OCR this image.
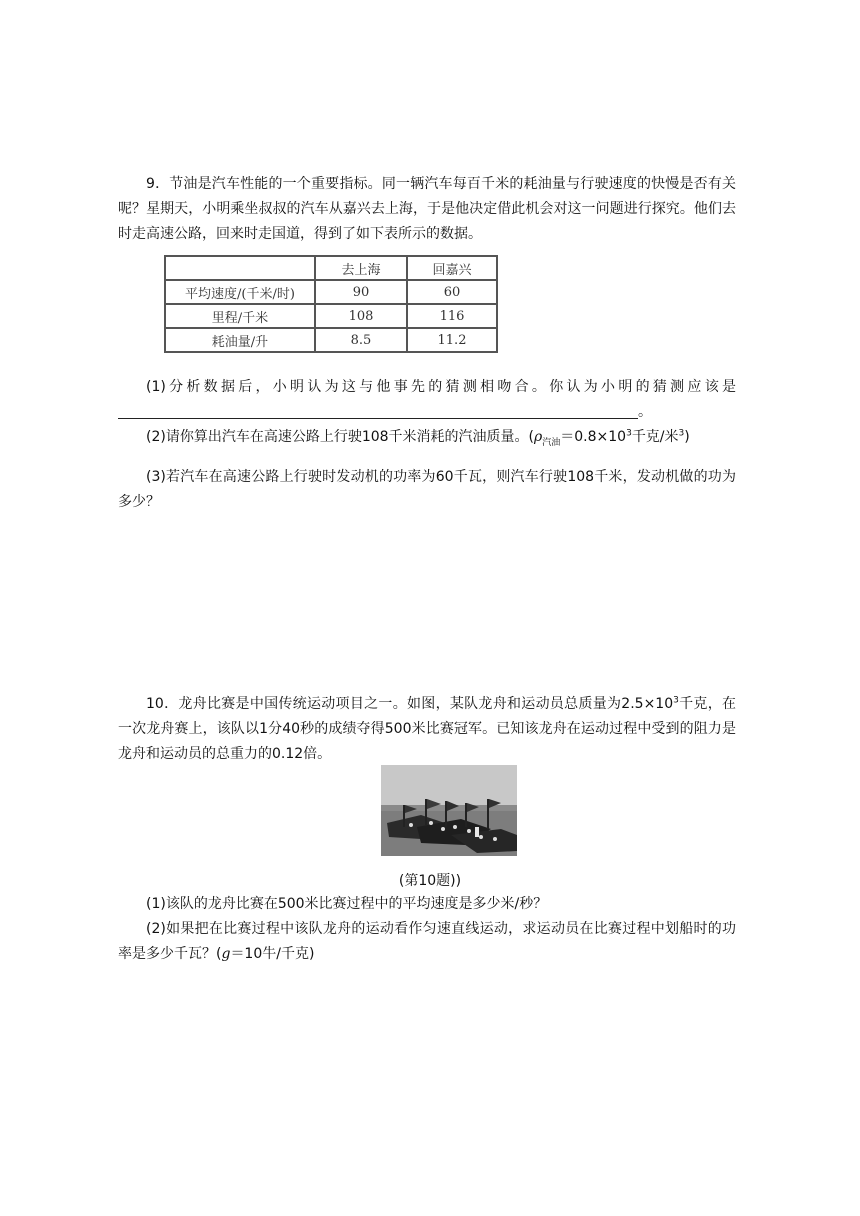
9．节油是汽车性能的一个重要指标。同一辆汽车每百千米的耗油量与行驶速度的快慢是否有关呢？星期天，小明乘坐叔叔的汽车从嘉兴去上海，于是他决定借此机会对这一问题进行探究。他们去时走高速公路，回来时走国道，得到了如下表所示的数据。

	去上海	回嘉兴
平均速度/(千米/时)	90	60
里程/千米	108	116
耗油量/升	8.5	11.2

(1)分析数据后，小明认为这与他事先的猜测相吻合。你认为小明的猜测应该是。

(2)请你算出汽车在高速公路上行驶108千米消耗的汽油质量。($\rho_{汽油}=0.8\times 10^3$千克/米$^3$)

(3)若汽车在高速公路上行驶时发动机的功率为60千瓦，则汽车行驶108千米，发动机做的功为多少？

10．龙舟比赛是中国传统运动项目之一。如图，某队龙舟和运动员总质量为$2.5\times 10^3$千克，在一次龙舟赛上，该队以1分40秒的成绩夺得500米比赛冠军。已知该龙舟在运动过程中受到的阻力是龙舟和运动员的总重力的0.12倍。

(第10题))

(1)该队的龙舟比赛在500米比赛过程中的平均速度是多少米/秒？

(2)如果把在比赛过程中该队龙舟的运动看作匀速直线运动，求运动员在比赛过程中划船时的功率是多少千瓦？(g＝10牛/千克)
